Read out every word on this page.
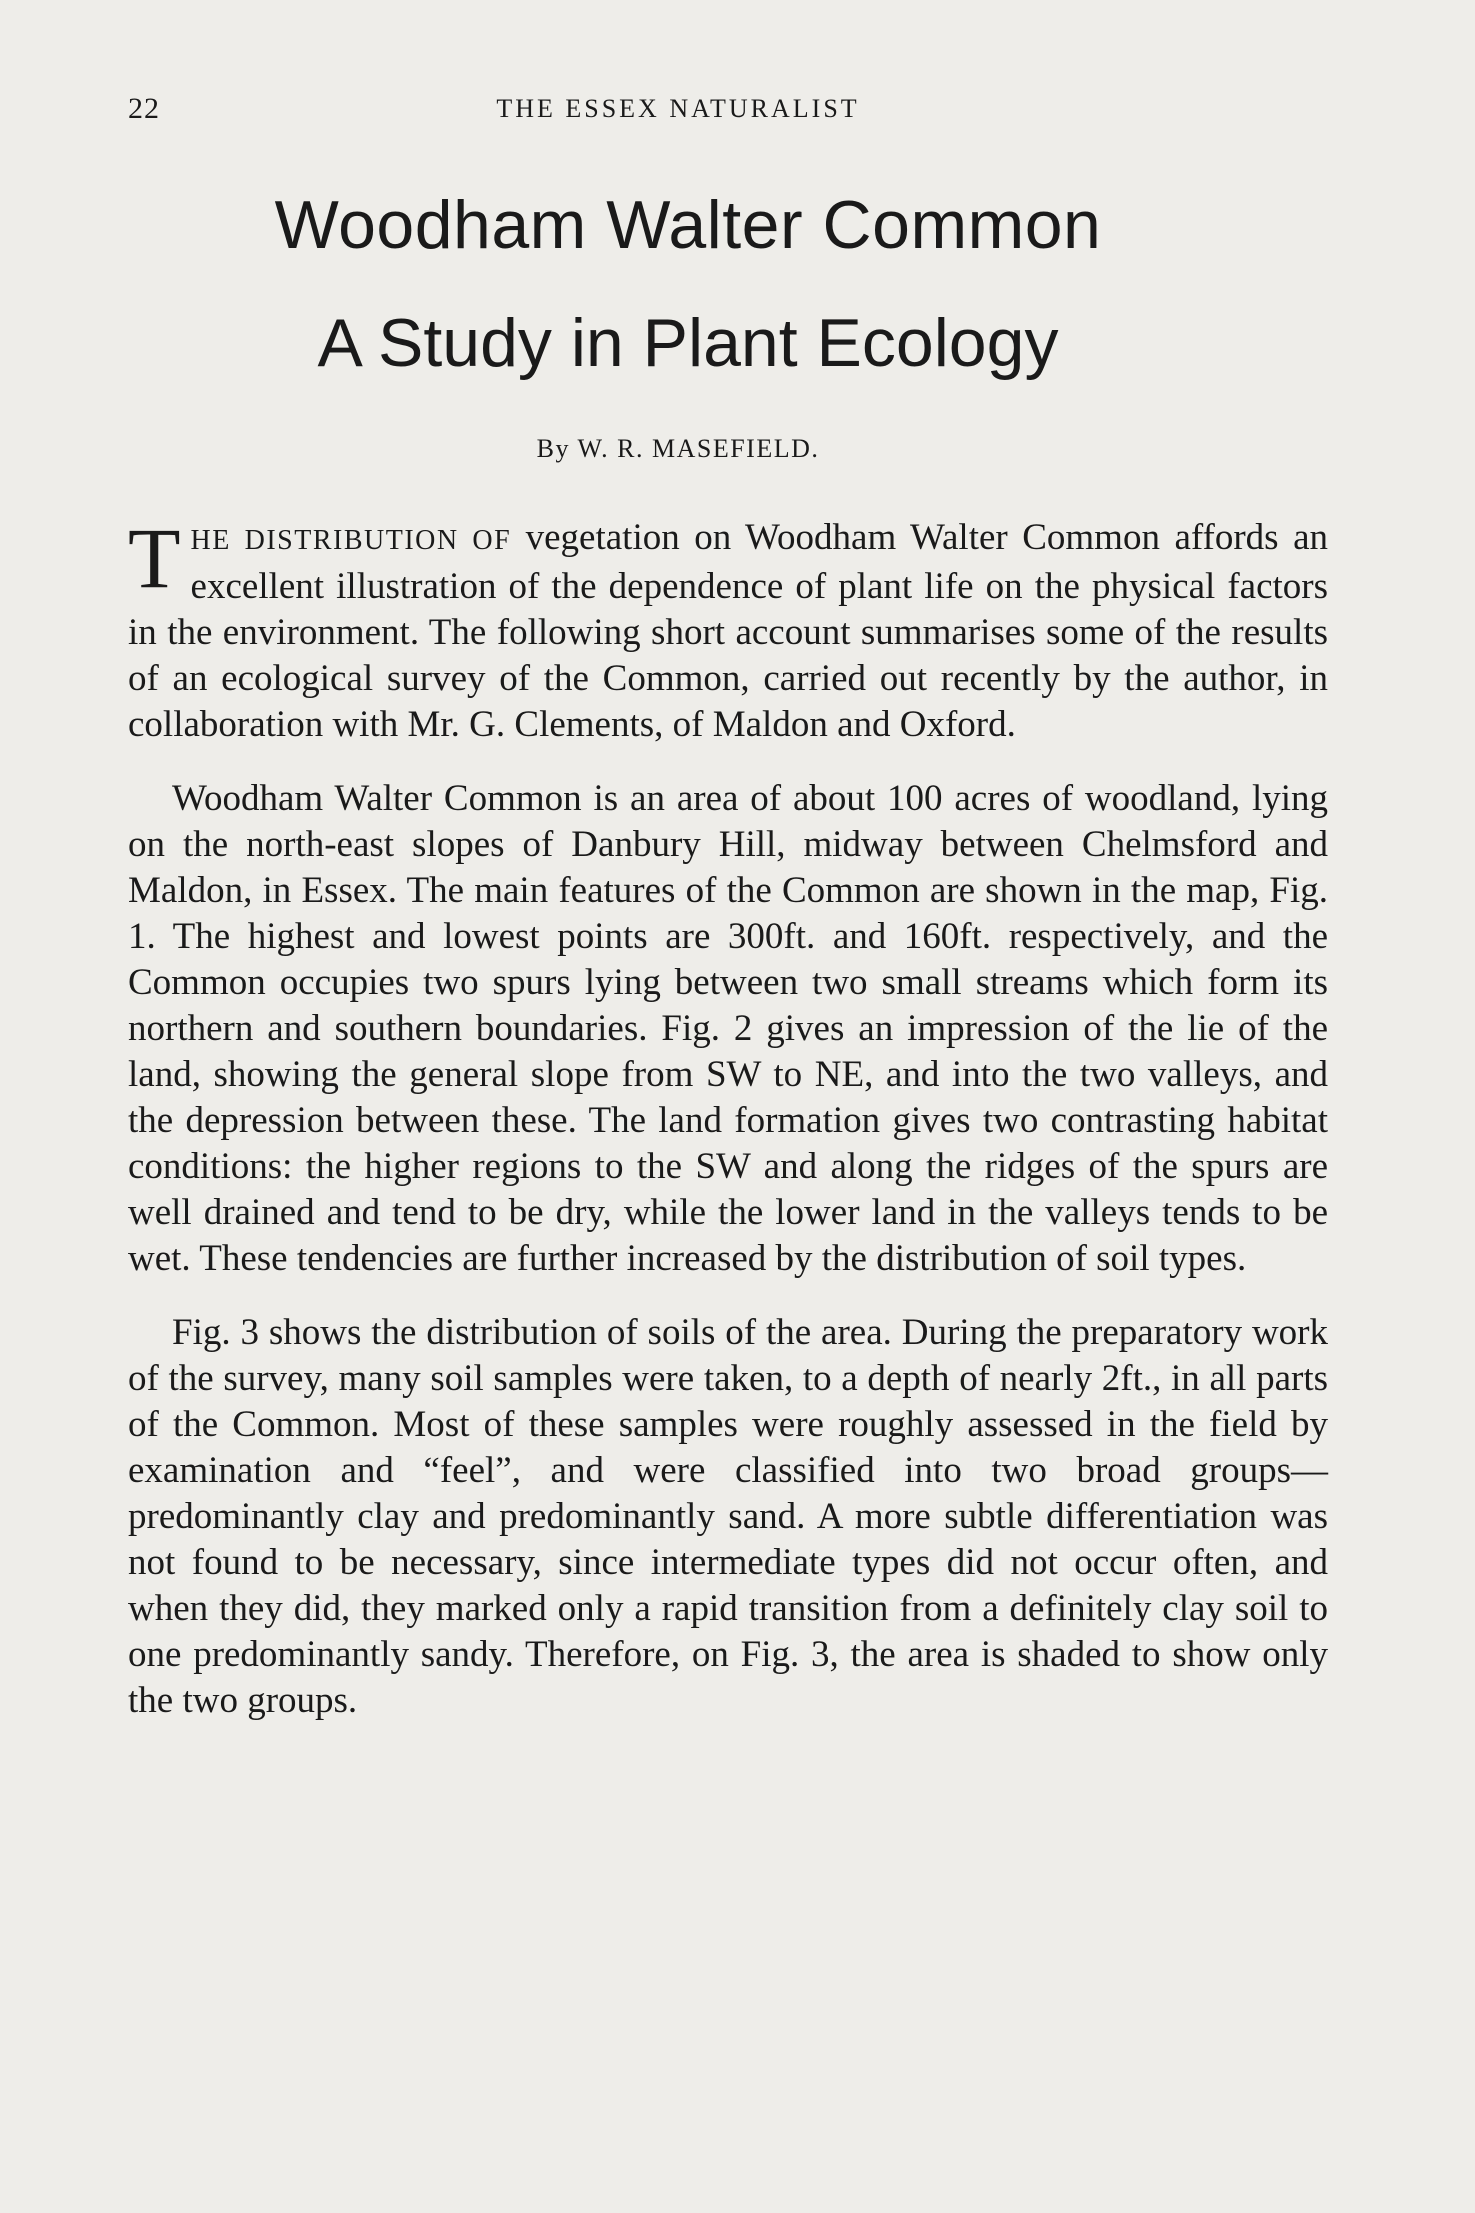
22	THE ESSEX NATURALIST
Woodham Walter Common
A Study in Plant Ecology
By W. R. MASEFIELD.

THE DISTRIBUTION OF vegetation on Woodham Walter Common affords an excellent illustration of the dependence of plant life on the physical factors in the environment. The following short account summarises some of the results of an ecological survey of the Common, carried out recently by the author, in collaboration with Mr. G. Clements, of Maldon and Oxford.

Woodham Walter Common is an area of about 100 acres of woodland, lying on the north-east slopes of Danbury Hill, midway between Chelmsford and Maldon, in Essex. The main features of the Common are shown in the map, Fig. 1. The highest and lowest points are 300ft. and 160ft. respectively, and the Common occupies two spurs lying between two small streams which form its northern and southern boundaries. Fig. 2 gives an impression of the lie of the land, showing the general slope from SW to NE, and into the two valleys, and the depression between these. The land formation gives two contrasting habitat conditions: the higher regions to the SW and along the ridges of the spurs are well drained and tend to be dry, while the lower land in the valleys tends to be wet. These tendencies are further increased by the distribution of soil types.

Fig. 3 shows the distribution of soils of the area. During the preparatory work of the survey, many soil samples were taken, to a depth of nearly 2ft., in all parts of the Common. Most of these samples were roughly assessed in the field by examination and “feel”, and were classified into two broad groups—predominantly clay and predominantly sand. A more subtle differentiation was not found to be necessary, since intermediate types did not occur often, and when they did, they marked only a rapid transition from a definitely clay soil to one predominantly sandy. Therefore, on Fig. 3, the area is shaded to show only the two groups.
